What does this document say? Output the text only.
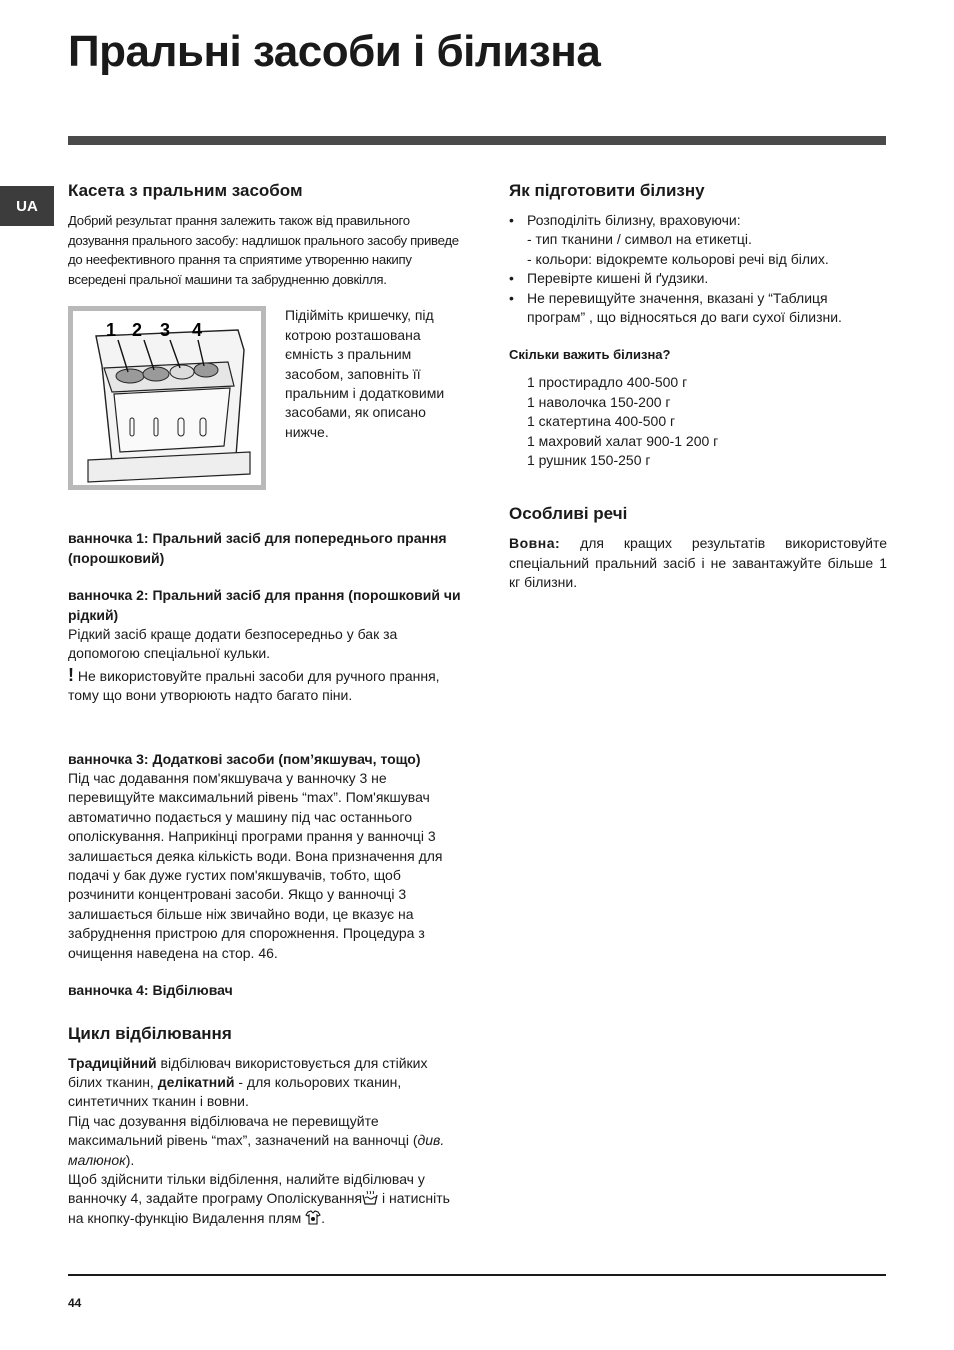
Пральні засоби і білизна
UA
Касета з пральним засобом

Добрий результат прання залежить також від правильного дозування прального засобу: надлишок прального засобу приведе до неефективного прання та сприятиме утворенню накипу всередені пральної машини та забрудненню довкілля.

1 2 3 4

Підійміть кришечку, під котрою розташована ємність з пральним засобом, заповніть її пральним і додатковими засобами, як описано нижче.

ванночка 1: Пральний засіб для попереднього прання (порошковий)

ванночка 2: Пральний засіб для прання (порошковий чи рідкий)

Рідкий засіб краще додати безпосередньо у бак за допомогою спеціальної кульки.

! Не використовуйте пральні засоби для ручного прання, тому що вони утворюють надто багато піни.

ванночка 3: Додаткові засоби (пом’якшувач, тощо)

Під час додавання пом'якшувача у ванночку 3 не перевищуйте максимальний рівень “max”. Пом'якшувач автоматично подається у машину під час останнього ополіскування. Наприкінці програми прання у ванночці 3 залишається деяка кількість води. Вона призначення для подачі у бак дуже густих пом'якшувачів, тобто, щоб розчинити концентровані засоби. Якщо у ванночці 3 залишається більше ніж звичайно води, це вказує на забруднення пристрою для спорожнення. Процедура з очищення наведена на стор. 46.

ванночка 4: Відбілювач

Цикл відбілювання

Традиційний відбілювач використовується для стійких білих тканин, делікатний - для кольорових тканин, синтетичних тканин і вовни.

Під час дозування відбілювача не перевищуйте максимальний рівень “max”, зазначений на ванночці (див. малюнок).

Щоб здійснити тільки відбілення, налийте відбілювач у ванночку 4, задайте програму Ополіскування і натисніть на кнопку-функцію Видалення плям .

Як підготовити білизну
• Розподіліть білизну, враховуючи:
- тип тканини / символ на етикетці.
- кольори: відокремте кольорові речі від білих.
• Перевірте кишені й ґудзики.
• Не перевищуйте значення, вказані у “Таблиця програм” , що відносяться до ваги сухої білизни.
Скільки важить білизна?
1 простирадло 400-500 г
1 наволочка 150-200 г
1 скатертина 400-500 г
1 махровий халат 900-1 200 г
1 рушник 150-250 г
Особливі речі

Вовна: для кращих результатів використовуйте спеціальний пральний засіб і не завантажуйте більше 1 кг білизни.

44
